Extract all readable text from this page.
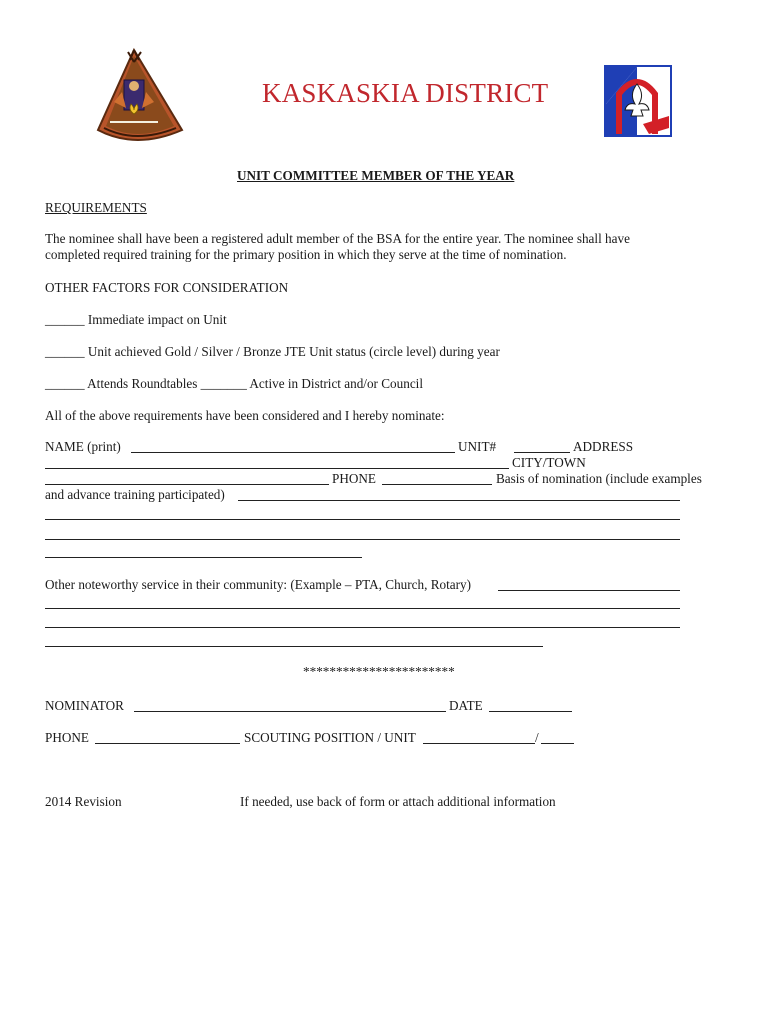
KASKASKIA DISTRICT
UNIT COMMITTEE MEMBER OF THE YEAR
REQUIREMENTS
The nominee shall have been a registered adult member of the BSA for the entire year. The nominee shall have
completed required training for the primary position in which they serve at the time of nomination.
OTHER FACTORS FOR CONSIDERATION
______ Immediate impact on Unit
______ Unit achieved Gold / Silver / Bronze JTE Unit status (circle level) during year
______ Attends Roundtables _______ Active in District and/or Council
All of the above requirements have been considered and I hereby nominate:
NAME (print)	UNIT#	ADDRESS
CITY/TOWN
PHONE	Basis of nomination (include examples
and advance training participated)
Other noteworthy service in their community: (Example – PTA, Church, Rotary)
***********************
NOMINATOR	DATE
PHONE	SCOUTING POSITION / UNIT	/
2014 Revision	If needed, use back of form or attach additional information
